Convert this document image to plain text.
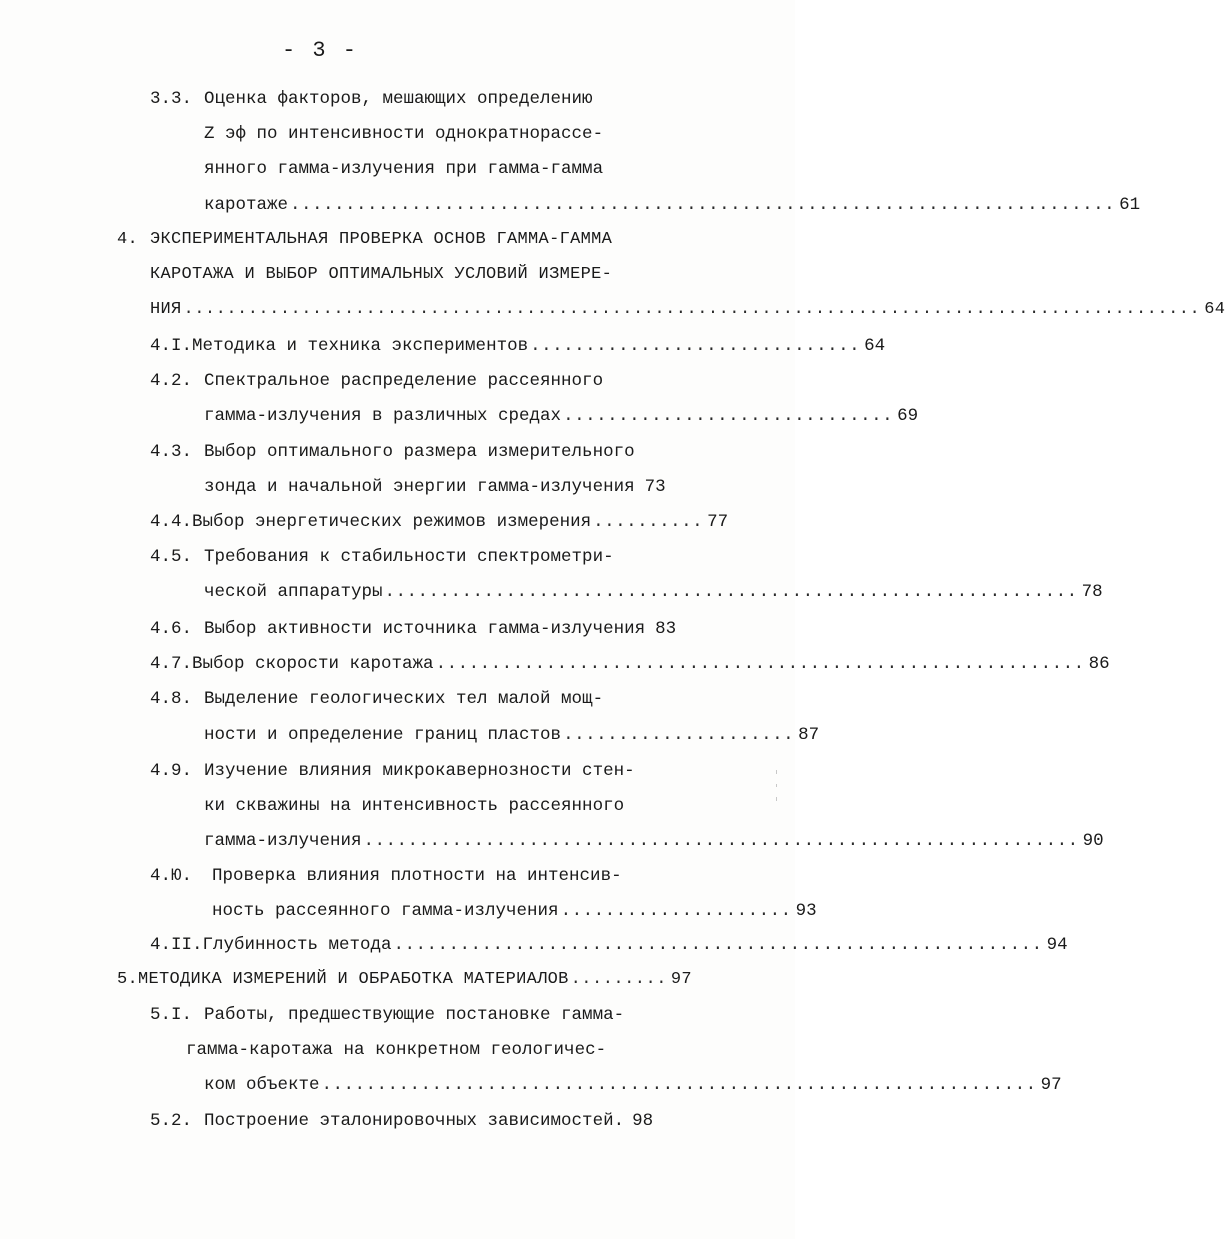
- 3 -
3.3. Оценка факторов, мешающих определению
Z эф по интенсивности однократнорассе-
янного гамма-излучения при гамма-гамма
каротаже ........................................................................... 61
4. ЭКСПЕРИМЕНТАЛЬНАЯ ПРОВЕРКА ОСНОВ ГАММА-ГАММА
КАРОТАЖА И ВЫБОР ОПТИМАЛЬНЫХ УСЛОВИЙ ИЗМЕРЕ-
НИЯ ............................................................................................... 64
4.I. Методика и техника экспериментов .............................. 64
4.2. Спектральное распределение рассеянного
гамма-излучения в различных средах .............................. 69
4.3. Выбор оптимального размера измерительного
зонда и начальной энергии гамма-излучения 73
4.4. Выбор энергетических режимов измерения .......... 77
4.5. Требования к стабильности спектрометри-
ческой аппаратуры ............................................................... 78
4.6. Выбор активности источника гамма-излучения 83
4.7. Выбор скорости каротажа ........................................................... 86
4.8. Выделение геологических тел малой мощ-
ности и определение границ пластов ..................... 87
4.9. Изучение влияния микрокавернозности стен-
ки скважины на интенсивность рассеянного
гамма-излучения ................................................................. 90
4.Ю.	Проверка влияния плотности на интенсив-
ность рассеянного гамма-излучения ..................... 93
4.II. Глубинность метода ........................................................... 94
5. МЕТОДИКА ИЗМЕРЕНИЙ И ОБРАБОТКА МАТЕРИАЛОВ ......... 97
5.I. Работы, предшествующие постановке гамма-
гамма-каротажа на конкретном геологичес-
ком объекте ................................................................. 97
5.2. Построение эталонировочных зависимостей. 98
